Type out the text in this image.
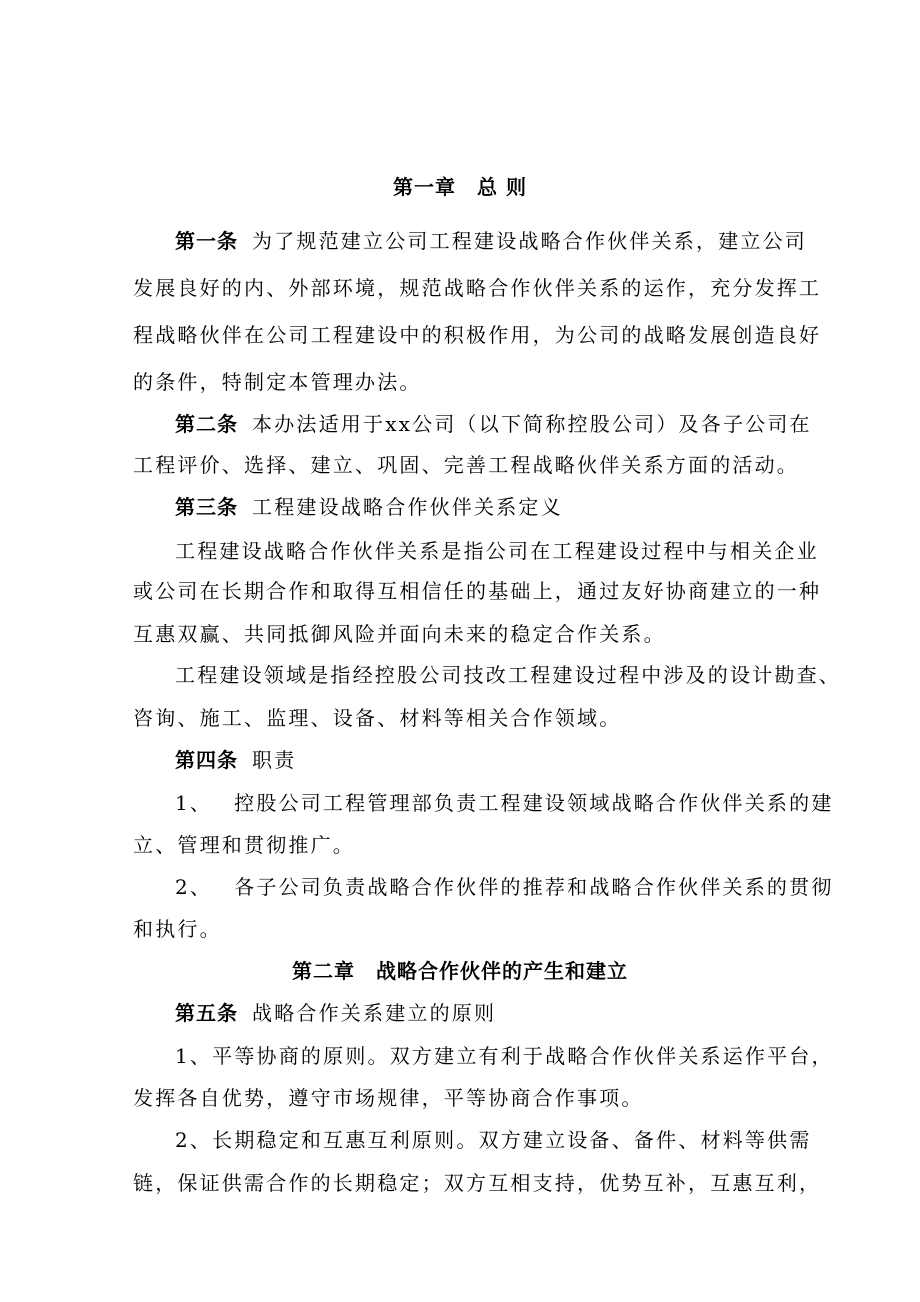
第一章　总 则
第一条 为了规范建立公司工程建设战略合作伙伴关系，建立公司
发展良好的内、外部环境，规范战略合作伙伴关系的运作，充分发挥工
程战略伙伴在公司工程建设中的积极作用，为公司的战略发展创造良好
的条件，特制定本管理办法。
第二条 本办法适用于xx公司（以下简称控股公司）及各子公司在
工程评价、选择、建立、巩固、完善工程战略伙伴关系方面的活动。
第三条 工程建设战略合作伙伴关系定义
工程建设战略合作伙伴关系是指公司在工程建设过程中与相关企业
或公司在长期合作和取得互相信任的基础上，通过友好协商建立的一种
互惠双赢、共同抵御风险并面向未来的稳定合作关系。
工程建设领域是指经控股公司技改工程建设过程中涉及的设计勘查、
咨询、施工、监理、设备、材料等相关合作领域。
第四条 职责
1、 控股公司工程管理部负责工程建设领域战略合作伙伴关系的建
立、管理和贯彻推广。
2、 各子公司负责战略合作伙伴的推荐和战略合作伙伴关系的贯彻
和执行。
第二章　战略合作伙伴的产生和建立
第五条 战略合作关系建立的原则
1、平等协商的原则。双方建立有利于战略合作伙伴关系运作平台，
发挥各自优势，遵守市场规律，平等协商合作事项。
2、长期稳定和互惠互利原则。双方建立设备、备件、材料等供需
链，保证供需合作的长期稳定；双方互相支持，优势互补，互惠互利，
